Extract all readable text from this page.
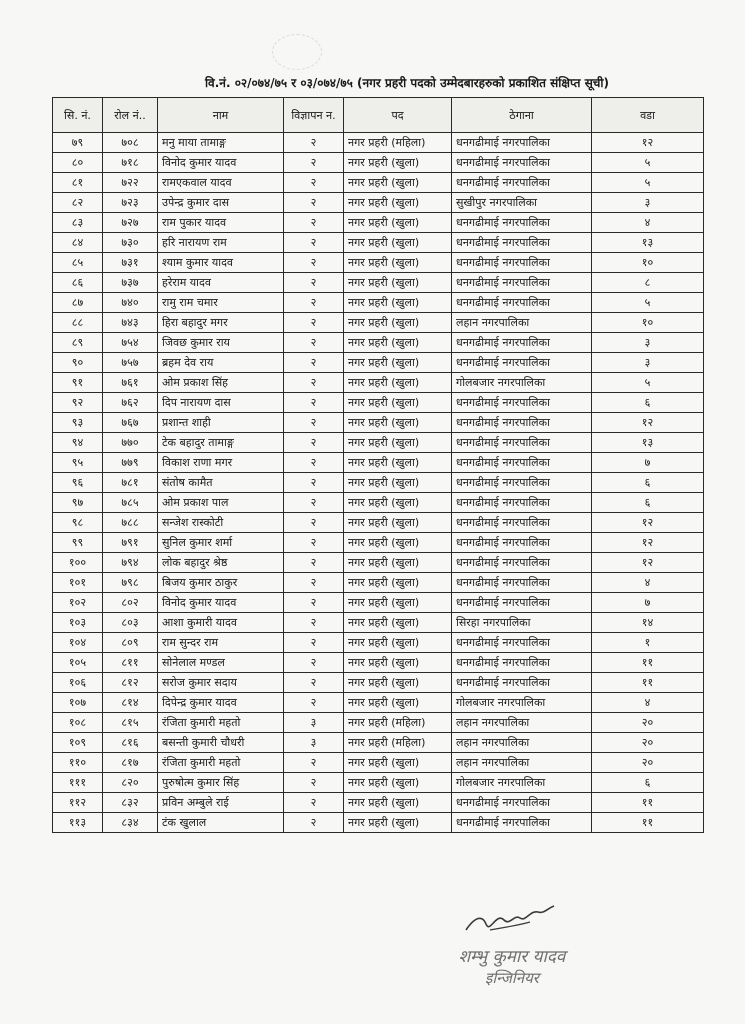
वि.नं. ०२/०७४/७५ र ०३/०७४/७५ (नगर प्रहरी पदको उम्मेदबारहरुको प्रकाशित संक्षिप्त सूची)
सि. नं.	रोल नं..	नाम	विज्ञापन न.	पद	ठेगाना	वडा
७९	७०८	मनु माया तामाङ्ग	२	नगर प्रहरी (महिला)	धनगढीमाई नगरपालिका	१२
८०	७१८	विनोद कुमार यादव	२	नगर प्रहरी (खुला)	धनगढीमाई नगरपालिका	५
८१	७२२	रामएकवाल यादव	२	नगर प्रहरी (खुला)	धनगढीमाई नगरपालिका	५
८२	७२३	उपेन्द्र कुमार दास	२	नगर प्रहरी (खुला)	सुखीपुर नगरपालिका	३
८३	७२७	राम पुकार यादव	२	नगर प्रहरी (खुला)	धनगढीमाई नगरपालिका	४
८४	७३०	हरि नारायण राम	२	नगर प्रहरी (खुला)	धनगढीमाई नगरपालिका	१३
८५	७३१	श्याम कुमार यादव	२	नगर प्रहरी (खुला)	धनगढीमाई नगरपालिका	१०
८६	७३७	हरेराम यादव	२	नगर प्रहरी (खुला)	धनगढीमाई नगरपालिका	८
८७	७४०	रामु राम चमार	२	नगर प्रहरी (खुला)	धनगढीमाई नगरपालिका	५
८८	७४३	हिरा बहादुर मगर	२	नगर प्रहरी (खुला)	लहान नगरपालिका	१०
८९	७५४	जिवछ कुमार राय	२	नगर प्रहरी (खुला)	धनगढीमाई नगरपालिका	३
९०	७५७	ब्रहम देव राय	२	नगर प्रहरी (खुला)	धनगढीमाई नगरपालिका	३
९१	७६१	ओम प्रकाश सिंह	२	नगर प्रहरी (खुला)	गोलबजार नगरपालिका	५
९२	७६२	दिप नारायण दास	२	नगर प्रहरी (खुला)	धनगढीमाई नगरपालिका	६
९३	७६७	प्रशान्त शाही	२	नगर प्रहरी (खुला)	धनगढीमाई नगरपालिका	१२
९४	७७०	टेक बहादुर तामाङ्ग	२	नगर प्रहरी (खुला)	धनगढीमाई नगरपालिका	१३
९५	७७९	विकाश राणा मगर	२	नगर प्रहरी (खुला)	धनगढीमाई नगरपालिका	७
९६	७८१	संतोष कामैत	२	नगर प्रहरी (खुला)	धनगढीमाई नगरपालिका	६
९७	७८५	ओम प्रकाश पाल	२	नगर प्रहरी (खुला)	धनगढीमाई नगरपालिका	६
९८	७८८	सन्जेश रास्कोटी	२	नगर प्रहरी (खुला)	धनगढीमाई नगरपालिका	१२
९९	७९१	सुनिल कुमार शर्मा	२	नगर प्रहरी (खुला)	धनगढीमाई नगरपालिका	१२
१००	७९४	लोक बहादुर श्रेष्ठ	२	नगर प्रहरी (खुला)	धनगढीमाई नगरपालिका	१२
१०१	७९८	बिजय कुमार ठाकुर	२	नगर प्रहरी (खुला)	धनगढीमाई नगरपालिका	४
१०२	८०२	विनोद कुमार यादव	२	नगर प्रहरी (खुला)	धनगढीमाई नगरपालिका	७
१०३	८०३	आशा कुमारी यादव	२	नगर प्रहरी (खुला)	सिरहा नगरपालिका	१४
१०४	८०९	राम सुन्दर राम	२	नगर प्रहरी (खुला)	धनगढीमाई नगरपालिका	१
१०५	८११	सोनेलाल मण्डल	२	नगर प्रहरी (खुला)	धनगढीमाई नगरपालिका	११
१०६	८१२	सरोज कुमार सदाय	२	नगर प्रहरी (खुला)	धनगढीमाई नगरपालिका	११
१०७	८१४	दिपेन्द्र कुमार यादव	२	नगर प्रहरी (खुला)	गोलबजार नगरपालिका	४
१०८	८१५	रंजिता कुमारी महतो	३	नगर प्रहरी (महिला)	लहान नगरपालिका	२०
१०९	८१६	बसन्ती कुमारी चौधरी	३	नगर प्रहरी (महिला)	लहान नगरपालिका	२०
११०	८१७	रंजिता कुमारी महतो	२	नगर प्रहरी (खुला)	लहान नगरपालिका	२०
१११	८२०	पुरुषोत्म कुमार सिंह	२	नगर प्रहरी (खुला)	गोलबजार नगरपालिका	६
११२	८३२	प्रविन अम्बुले राई	२	नगर प्रहरी (खुला)	धनगढीमाई नगरपालिका	११
११३	८३४	टंक खुलाल	२	नगर प्रहरी (खुला)	धनगढीमाई नगरपालिका	११
शम्भु कुमार यादव
इन्जिनियर
